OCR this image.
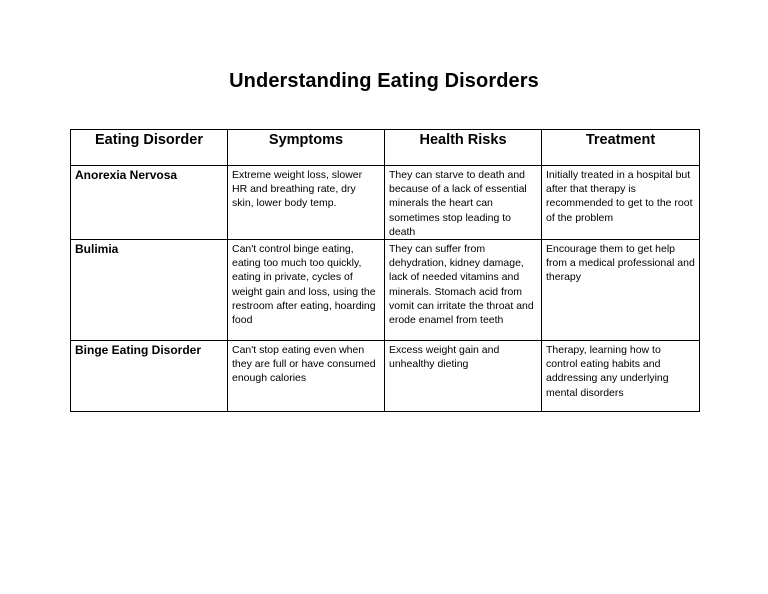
Understanding Eating Disorders
Eating Disorder	Symptoms	Health Risks	Treatment
Anorexia Nervosa	Extreme weight loss, slower HR and breathing rate, dry skin, lower body temp.	They can starve to death and because of a lack of essential minerals the heart can sometimes stop leading to death	Initially treated in a hospital but after that therapy is recommended to get to the root of the problem
Bulimia	Can't control binge eating, eating too much too quickly, eating in private, cycles of weight gain and loss, using the restroom after eating, hoarding food	They can suffer from dehydration, kidney damage, lack of needed vitamins and minerals. Stomach acid from vomit can irritate the throat and erode enamel from teeth	Encourage them to get help from a medical professional and therapy
Binge Eating Disorder	Can't stop eating even when they are full or have consumed enough calories	Excess weight gain and unhealthy dieting	Therapy, learning how to control eating habits and addressing any underlying mental disorders
